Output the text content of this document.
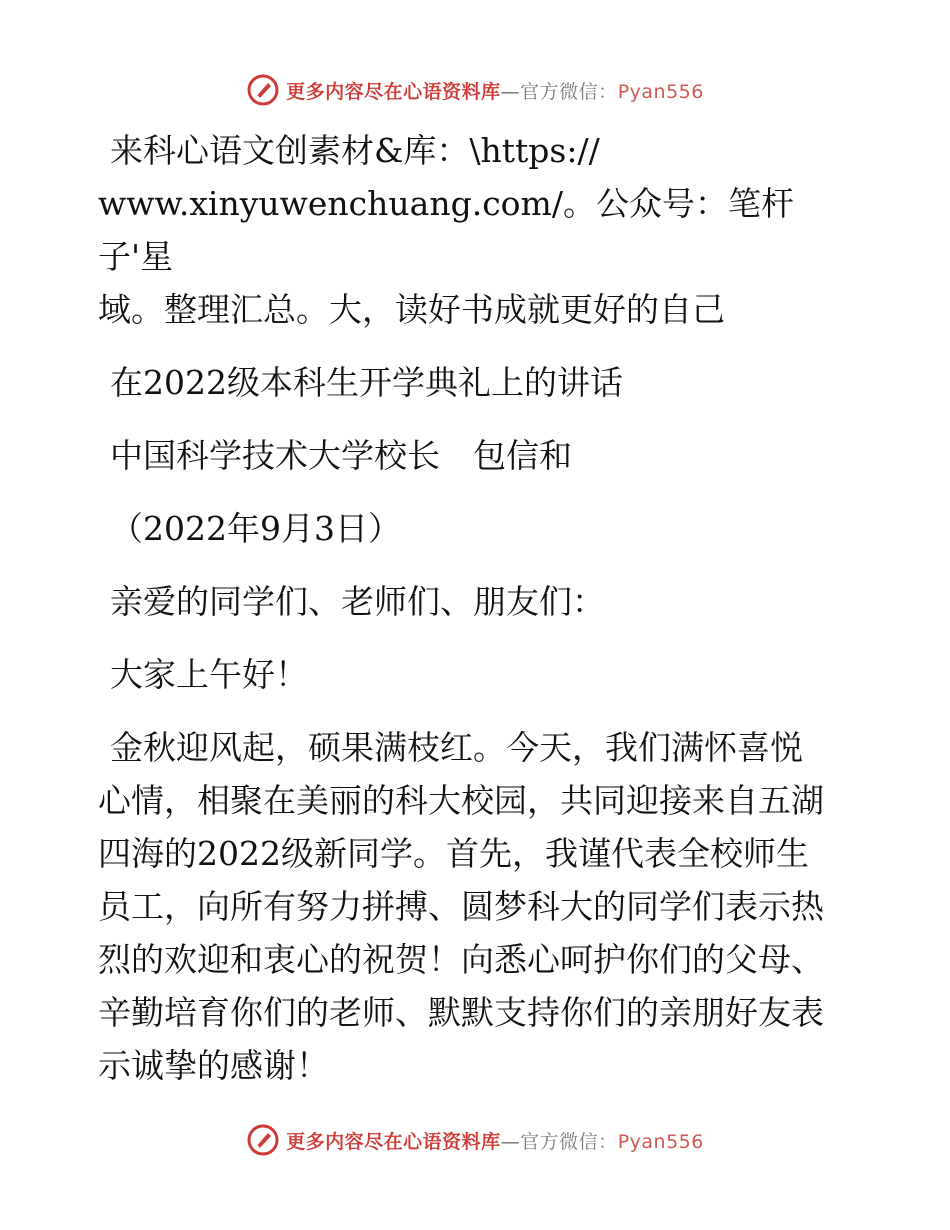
更多内容尽在心语资料库—官方微信：Pyan556

来科心语文创素材&库：\https://

www.xinyuwenchuang.com/。公众号：笔杆子'星

域。整理汇总。大，读好书成就更好的自己

在2022级本科生开学典礼上的讲话

中国科学技术大学校长　包信和

（2022年9月3日）

亲爱的同学们、老师们、朋友们：

大家上午好！

金秋迎风起，硕果满枝红。今天，我们满怀喜悦

心情，相聚在美丽的科大校园，共同迎接来自五湖

四海的2022级新同学。首先，我谨代表全校师生

员工，向所有努力拼搏、圆梦科大的同学们表示热

烈的欢迎和衷心的祝贺！向悉心呵护你们的父母、

辛勤培育你们的老师、默默支持你们的亲朋好友表

示诚挚的感谢！

更多内容尽在心语资料库—官方微信：Pyan556
